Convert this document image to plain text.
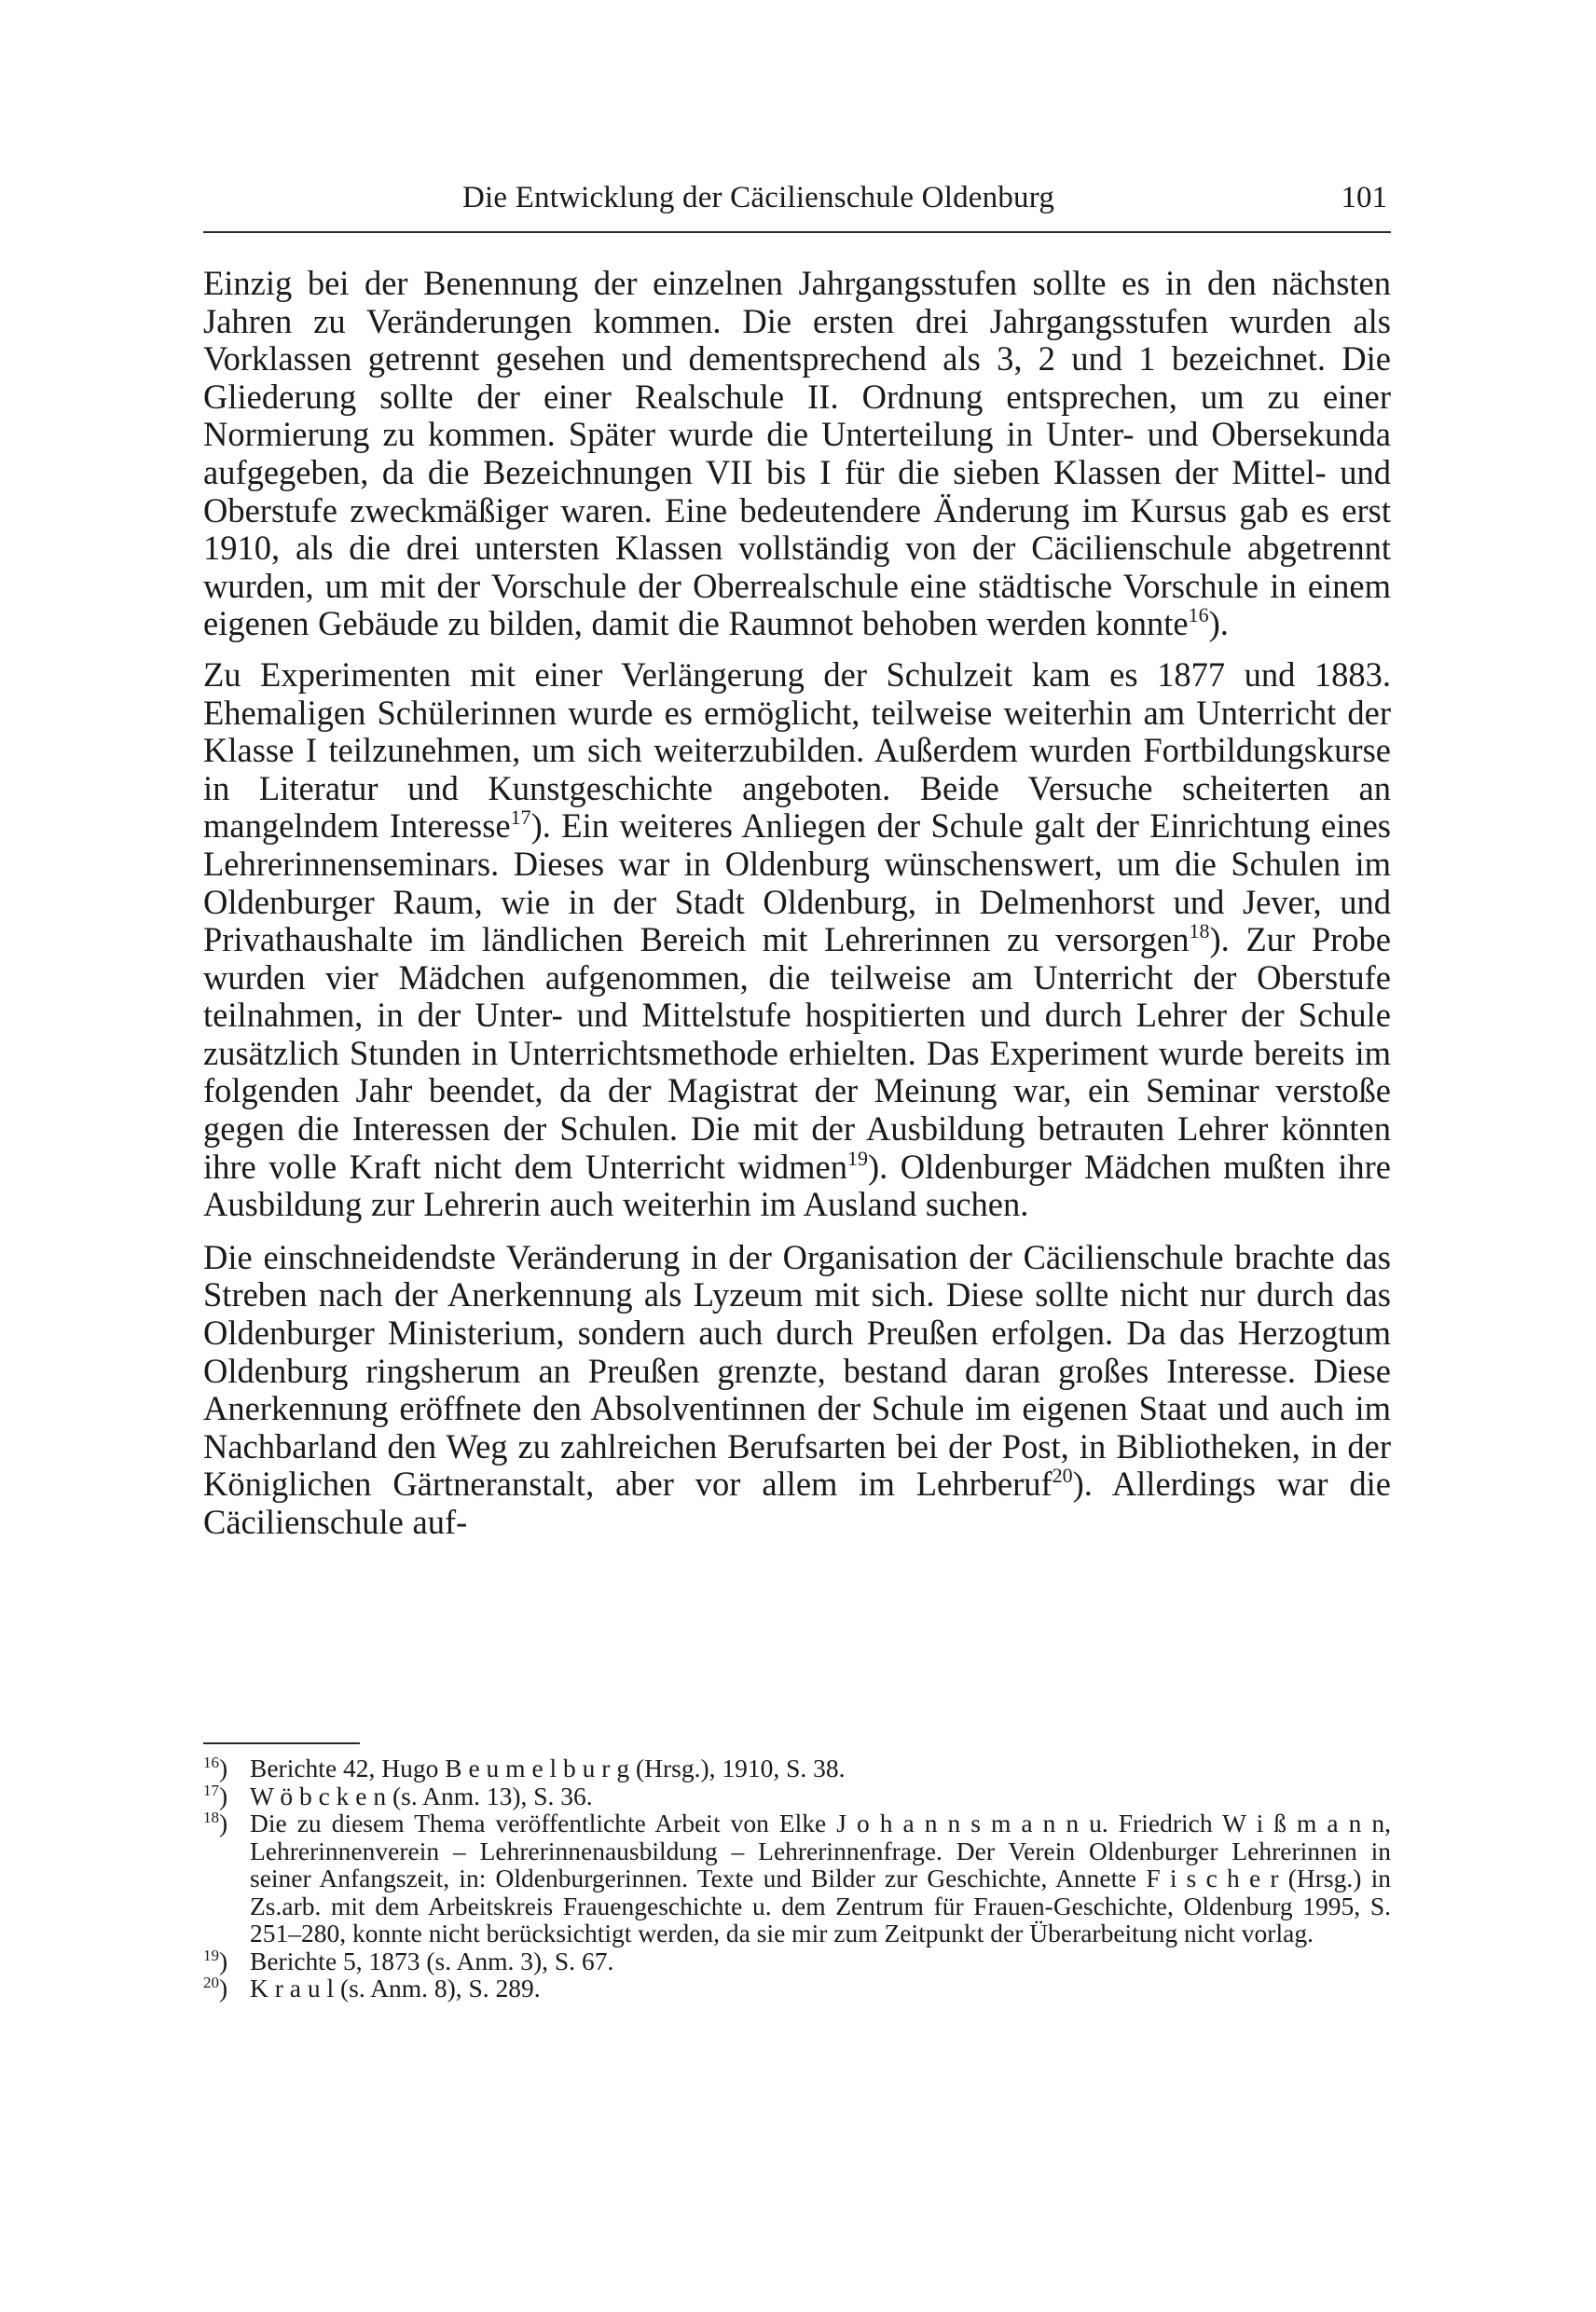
Die Entwicklung der Cäcilienschule Oldenburg	101

Einzig bei der Benennung der einzelnen Jahrgangsstufen sollte es in den nächsten Jahren zu Veränderungen kommen. Die ersten drei Jahrgangsstufen wurden als Vorklassen getrennt gesehen und dementsprechend als 3, 2 und 1 bezeichnet. Die Gliederung sollte der einer Realschule II. Ordnung entsprechen, um zu einer Normierung zu kommen. Später wurde die Unterteilung in Unter- und Obersekunda aufgegeben, da die Bezeichnungen VII bis I für die sieben Klassen der Mittel- und Oberstufe zweckmäßiger waren. Eine bedeutendere Änderung im Kursus gab es erst 1910, als die drei untersten Klassen vollständig von der Cäcilienschule abgetrennt wurden, um mit der Vorschule der Oberrealschule eine städtische Vorschule in einem eigenen Gebäude zu bilden, damit die Raumnot behoben werden konnte$^{16}$).

Zu Experimenten mit einer Verlängerung der Schulzeit kam es 1877 und 1883. Ehemaligen Schülerinnen wurde es ermöglicht, teilweise weiterhin am Unterricht der Klasse I teilzunehmen, um sich weiterzubilden. Außerdem wurden Fortbildungskurse in Literatur und Kunstgeschichte angeboten. Beide Versuche scheiterten an mangelndem Interesse$^{17}$). Ein weiteres Anliegen der Schule galt der Einrichtung eines Lehrerinnenseminars. Dieses war in Oldenburg wünschenswert, um die Schulen im Oldenburger Raum, wie in der Stadt Oldenburg, in Delmenhorst und Jever, und Privathaushalte im ländlichen Bereich mit Lehrerinnen zu versorgen$^{18}$). Zur Probe wurden vier Mädchen aufgenommen, die teilweise am Unterricht der Oberstufe teilnahmen, in der Unter- und Mittelstufe hospitierten und durch Lehrer der Schule zusätzlich Stunden in Unterrichtsmethode erhielten. Das Experiment wurde bereits im folgenden Jahr beendet, da der Magistrat der Meinung war, ein Seminar verstoße gegen die Interessen der Schulen. Die mit der Ausbildung betrauten Lehrer könnten ihre volle Kraft nicht dem Unterricht widmen$^{19}$). Oldenburger Mädchen mußten ihre Ausbildung zur Lehrerin auch weiterhin im Ausland suchen.

Die einschneidendste Veränderung in der Organisation der Cäcilienschule brachte das Streben nach der Anerkennung als Lyzeum mit sich. Diese sollte nicht nur durch das Oldenburger Ministerium, sondern auch durch Preußen erfolgen. Da das Herzogtum Oldenburg ringsherum an Preußen grenzte, bestand daran großes Interesse. Diese Anerkennung eröffnete den Absolventinnen der Schule im eigenen Staat und auch im Nachbarland den Weg zu zahlreichen Berufsarten bei der Post, in Bibliotheken, in der Königlichen Gärtneranstalt, aber vor allem im Lehrberuf$^{20}$). Allerdings war die Cäcilienschule auf-

$^{16}$) Berichte 42, Hugo B e u m e l b u r g (Hrsg.), 1910, S. 38.
$^{17}$) W ö b c k e n (s. Anm. 13), S. 36.
$^{18}$) Die zu diesem Thema veröffentlichte Arbeit von Elke J o h a n n s m a n n u. Friedrich W i ß m a n n, Lehrerinnenverein – Lehrerinnenausbildung – Lehrerinnenfrage. Der Verein Oldenburger Lehrerinnen in seiner Anfangszeit, in: Oldenburgerinnen. Texte und Bilder zur Geschichte, Annette F i s c h e r (Hrsg.) in Zs.arb. mit dem Arbeitskreis Frauengeschichte u. dem Zentrum für Frauen-Geschichte, Oldenburg 1995, S. 251–280, konnte nicht berücksichtigt werden, da sie mir zum Zeitpunkt der Überarbeitung nicht vorlag.
$^{19}$) Berichte 5, 1873 (s. Anm. 3), S. 67.
$^{20}$) K r a u l (s. Anm. 8), S. 289.
